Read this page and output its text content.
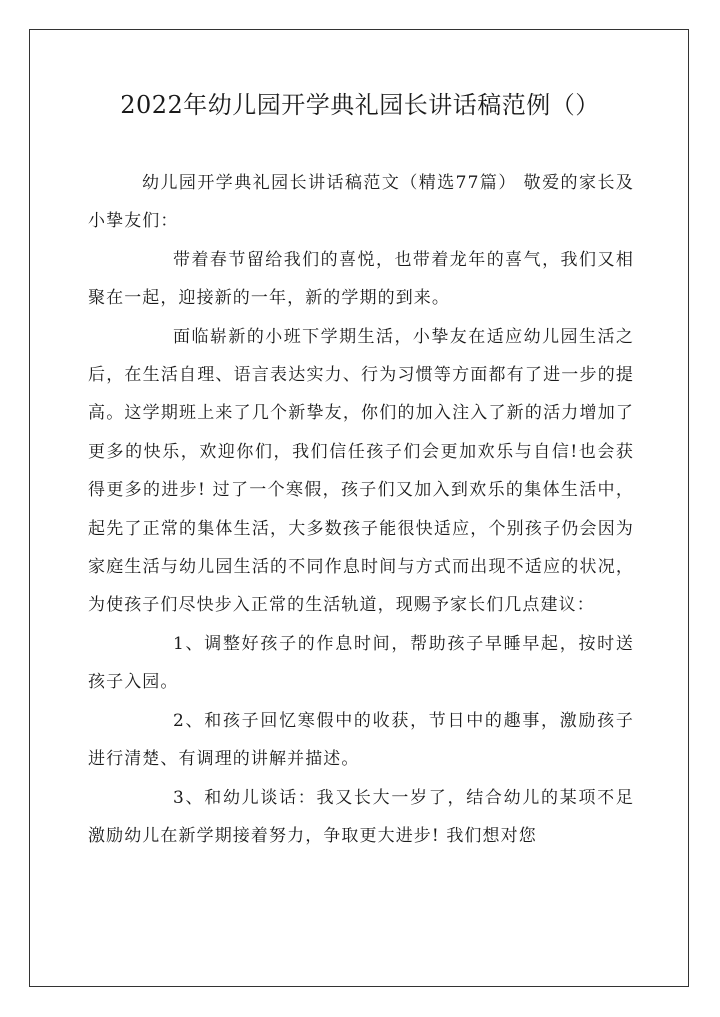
2022年幼儿园开学典礼园长讲话稿范例（）

幼儿园开学典礼园长讲话稿范文（精选77篇） 敬爱的家长及小挚友们：

带着春节留给我们的喜悦，也带着龙年的喜气，我们又相聚在一起，迎接新的一年，新的学期的到来。

面临崭新的小班下学期生活，小挚友在适应幼儿园生活之后，在生活自理、语言表达实力、行为习惯等方面都有了进一步的提高。这学期班上来了几个新挚友，你们的加入注入了新的活力增加了更多的快乐，欢迎你们，我们信任孩子们会更加欢乐与自信!也会获得更多的进步! 过了一个寒假，孩子们又加入到欢乐的集体生活中，起先了正常的集体生活，大多数孩子能很快适应，个别孩子仍会因为家庭生活与幼儿园生活的不同作息时间与方式而出现不适应的状况，为使孩子们尽快步入正常的生活轨道，现赐予家长们几点建议：

1、调整好孩子的作息时间，帮助孩子早睡早起，按时送孩子入园。

2、和孩子回忆寒假中的收获，节日中的趣事，激励孩子进行清楚、有调理的讲解并描述。

3、和幼儿谈话：我又长大一岁了，结合幼儿的某项不足激励幼儿在新学期接着努力，争取更大进步! 我们想对您
